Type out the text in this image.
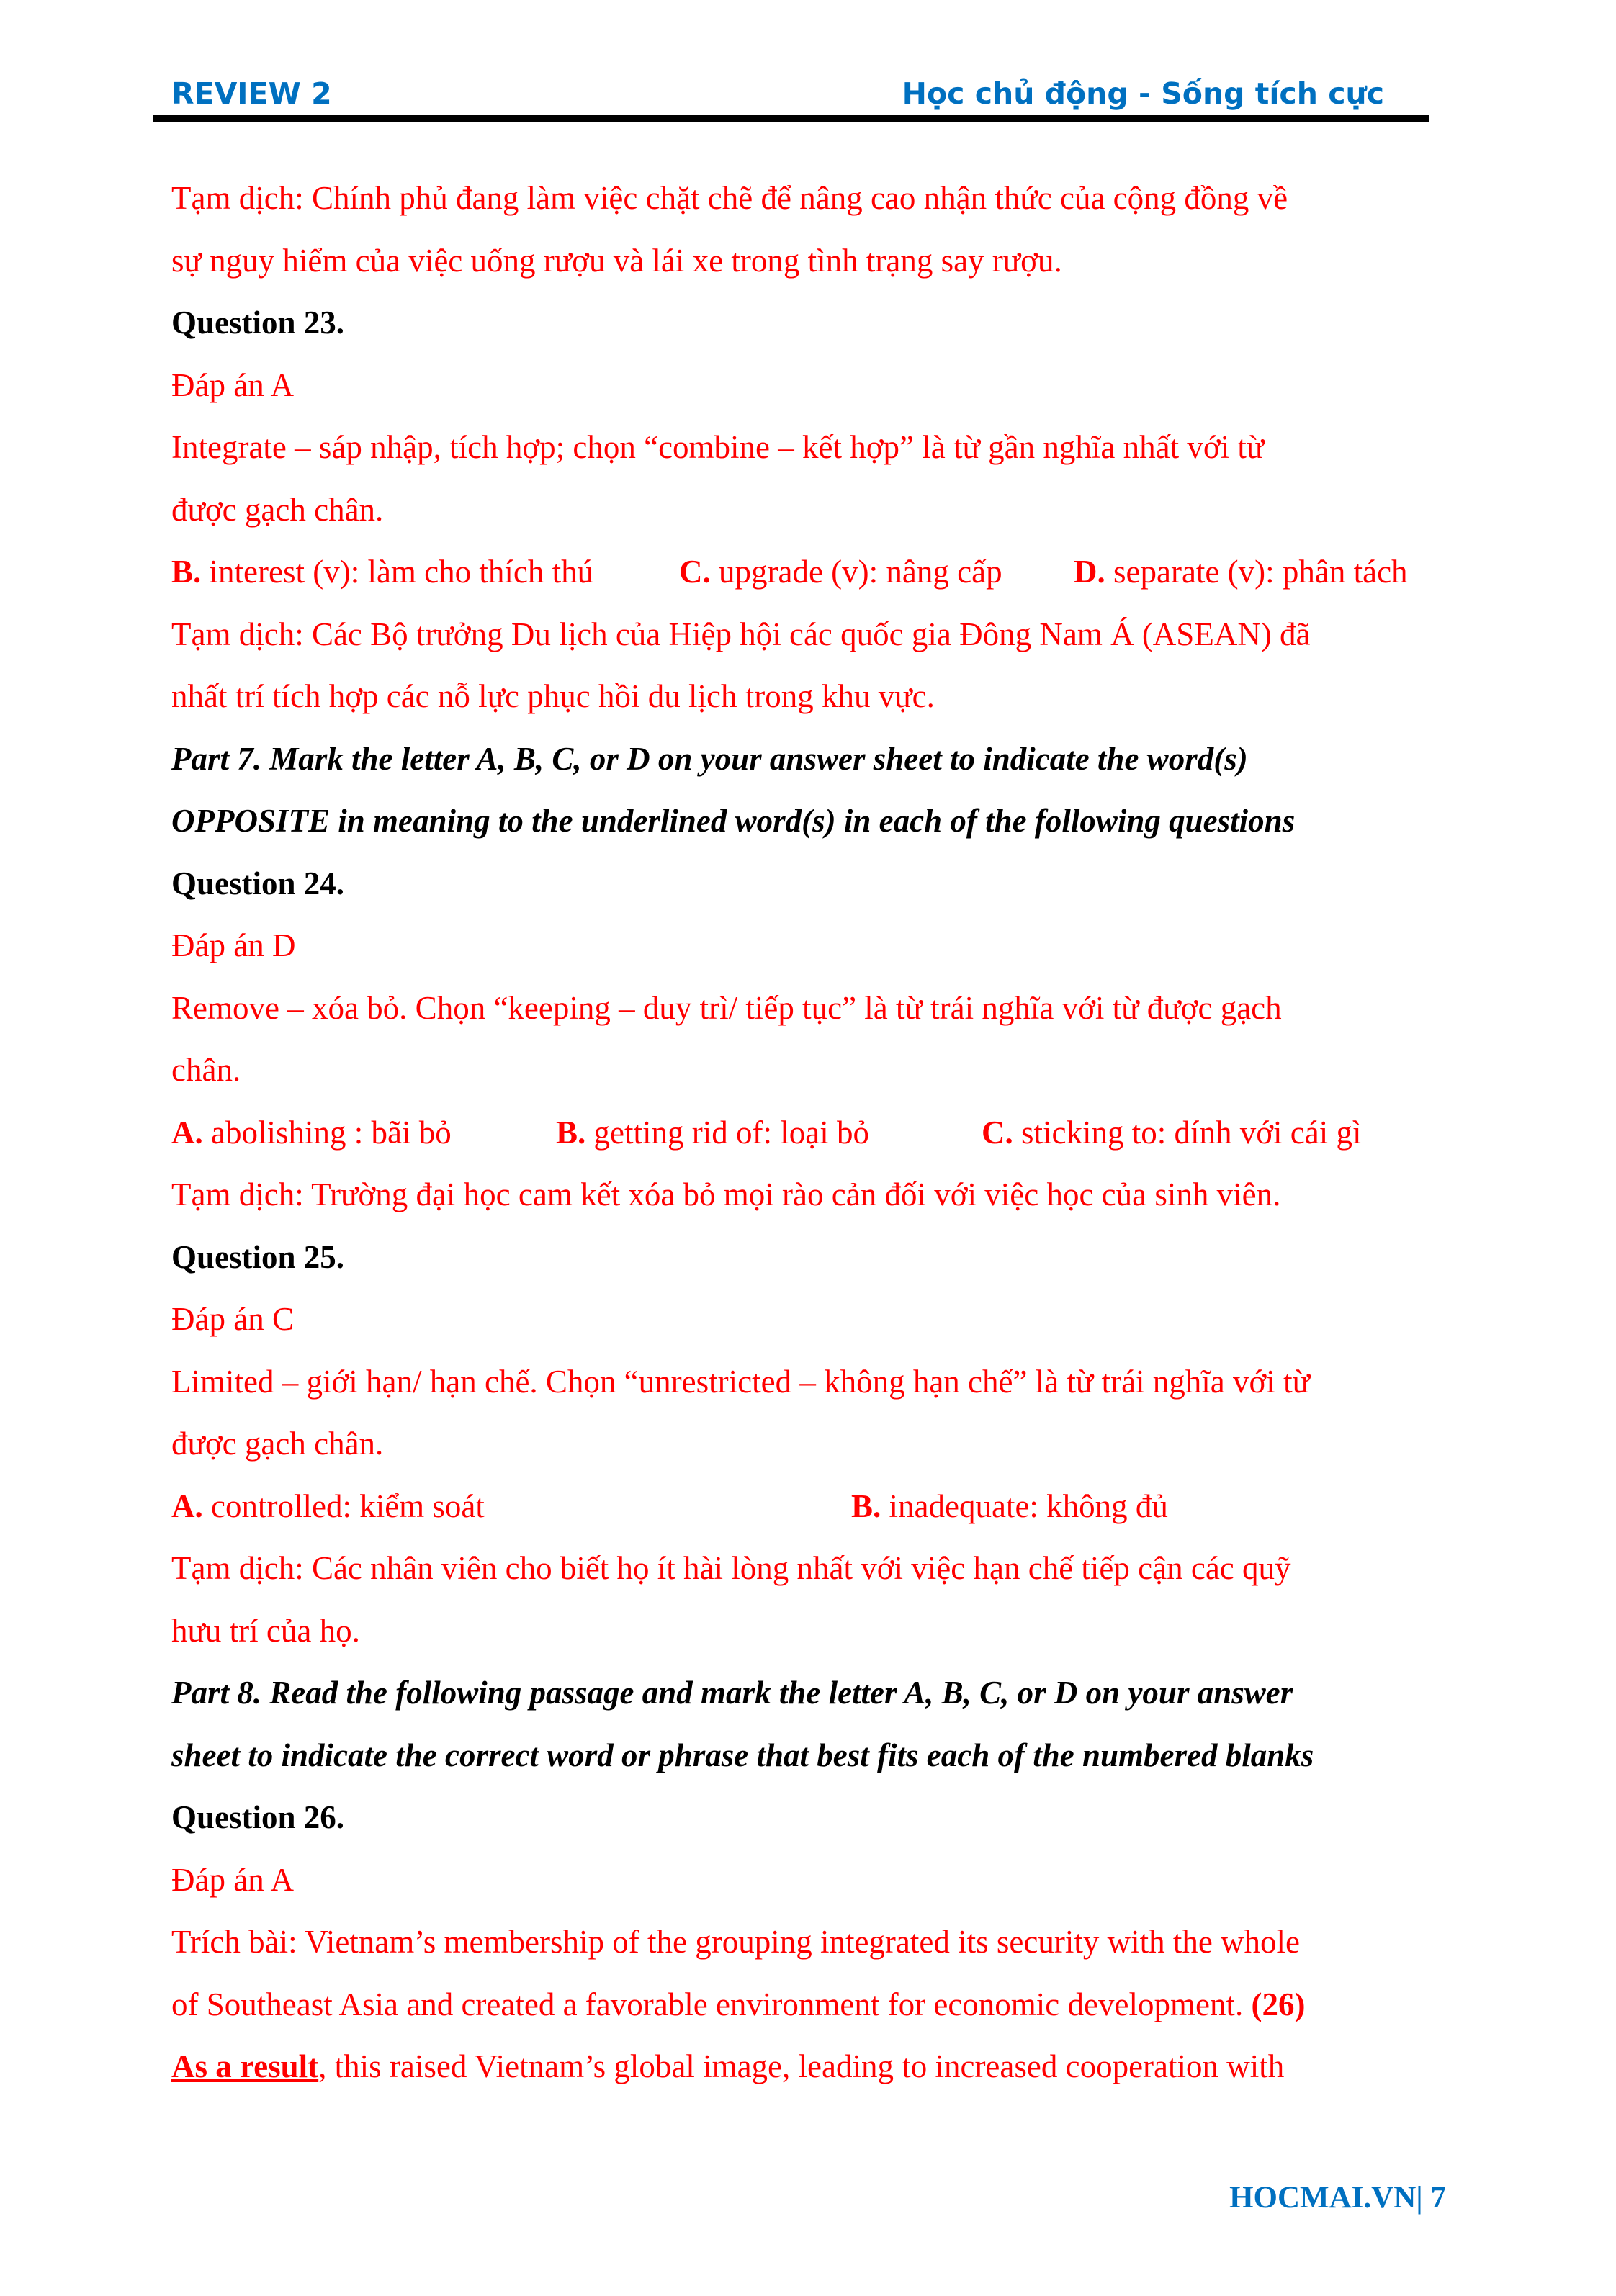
REVIEW 2	Học chủ động - Sống tích cực

Tạm dịch: Chính phủ đang làm việc chặt chẽ để nâng cao nhận thức của cộng đồng về

sự nguy hiểm của việc uống rượu và lái xe trong tình trạng say rượu.

Question 23.

Đáp án A

Integrate – sáp nhập, tích hợp; chọn “combine – kết hợp” là từ gần nghĩa nhất với từ

được gạch chân.

B. interest (v): làm cho thích thú	C. upgrade (v): nâng cấp D. separate (v): phân tách

Tạm dịch: Các Bộ trưởng Du lịch của Hiệp hội các quốc gia Đông Nam Á (ASEAN) đã

nhất trí tích hợp các nỗ lực phục hồi du lịch trong khu vực.

Part 7. Mark the letter A, B, C, or D on your answer sheet to indicate the word(s)

OPPOSITE in meaning to the underlined word(s) in each of the following questions

Question 24.

Đáp án D

Remove – xóa bỏ. Chọn “keeping – duy trì/ tiếp tục” là từ trái nghĩa với từ được gạch

chân.

A. abolishing : bãi bỏ	B. getting rid of: loại bỏ	C. sticking to: dính với cái gì

Tạm dịch: Trường đại học cam kết xóa bỏ mọi rào cản đối với việc học của sinh viên.

Question 25.

Đáp án C

Limited – giới hạn/ hạn chế. Chọn “unrestricted – không hạn chế” là từ trái nghĩa với từ

được gạch chân.

A. controlled: kiểm soát	B. inadequate: không đủ

Tạm dịch: Các nhân viên cho biết họ ít hài lòng nhất với việc hạn chế tiếp cận các quỹ

hưu trí của họ.

Part 8. Read the following passage and mark the letter A, B, C, or D on your answer

sheet to indicate the correct word or phrase that best fits each of the numbered blanks

Question 26.

Đáp án A

Trích bài: Vietnam’s membership of the grouping integrated its security with the whole

of Southeast Asia and created a favorable environment for economic development. (26)

As a result, this raised Vietnam’s global image, leading to increased cooperation with

HOCMAI.VN| 7
